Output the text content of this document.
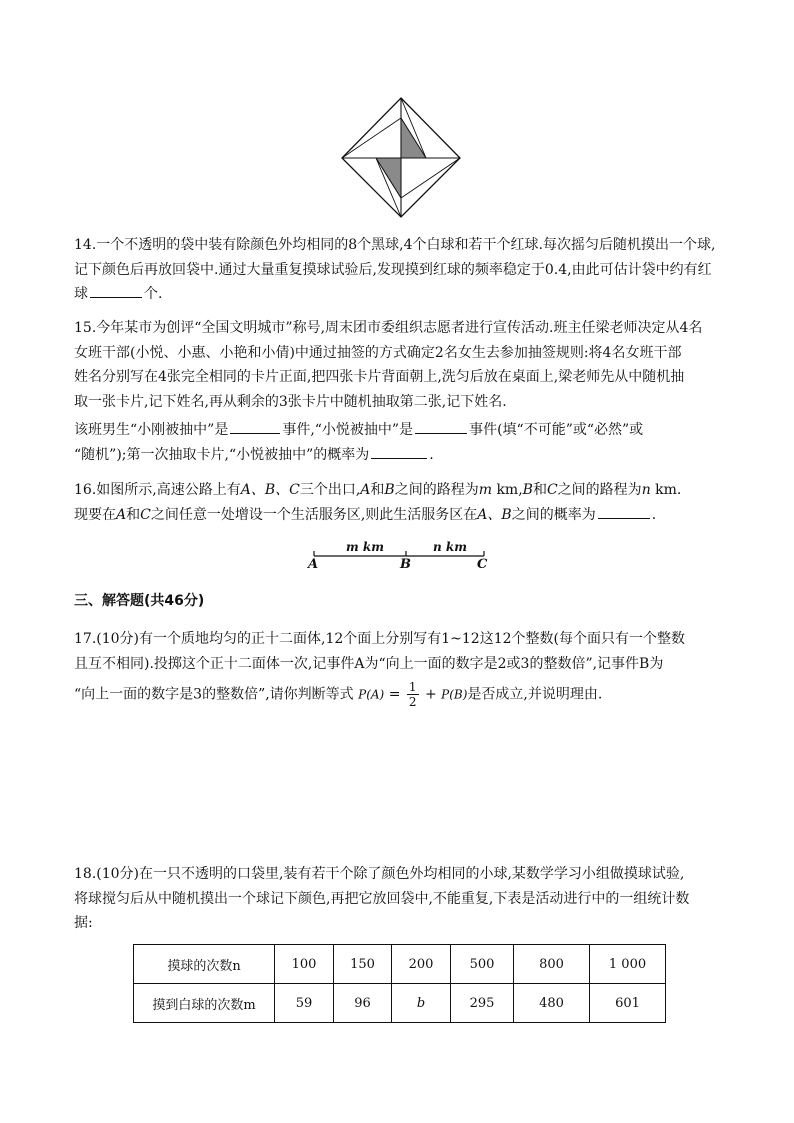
14.一个不透明的袋中装有除颜色外均相同的8个黑球,4个白球和若干个红球.每次摇匀后随机摸出一个球,
记下颜色后再放回袋中.通过大量重复摸球试验后,发现摸到红球的频率稳定于0.4,由此可估计袋中约有红
球	个.
15.今年某市为创评“全国文明城市”称号,周末团市委组织志愿者进行宣传活动.班主任梁老师决定从4名
女班干部(小悦、小惠、小艳和小倩)中通过抽签的方式确定2名女生去参加抽签规则:将4名女班干部
姓名分别写在4张完全相同的卡片正面,把四张卡片背面朝上,洗匀后放在桌面上,梁老师先从中随机抽
取一张卡片,记下姓名,再从剩余的3张卡片中随机抽取第二张,记下姓名.
该班男生“小刚被抽中”是	事件,“小悦被抽中”是	事件(填“不可能”或“必然”或
“随机”);第一次抽取卡片,“小悦被抽中”的概率为	.
16.如图所示,高速公路上有A、B、C三个出口,A和B之间的路程为m km,B和C之间的路程为n km.
现要在A和C之间任意一处增设一个生活服务区,则此生活服务区在A、B之间的概率为	.
m km	n km
A	B	C
三、解答题(共46分)
17.(10分)有一个质地均匀的正十二面体,12个面上分别写有1~12这12个整数(每个面只有一个整数
且互不相同).投掷这个正十二面体一次,记事件A为“向上一面的数字是2或3的整数倍”,记事件B为
“向上一面的数字是3的整数倍”,请你判断等式 $P(A) = \frac{1}{2} + P(B)$是否成立,并说明理由.
18.(10分)在一只不透明的口袋里,装有若干个除了颜色外均相同的小球,某数学学习小组做摸球试验,
将球搅匀后从中随机摸出一个球记下颜色,再把它放回袋中,不能重复,下表是活动进行中的一组统计数
据:
摸球的次数n	100	150	200	500	800	1 000
摸到白球的次数m	59	96	b	295	480	601
